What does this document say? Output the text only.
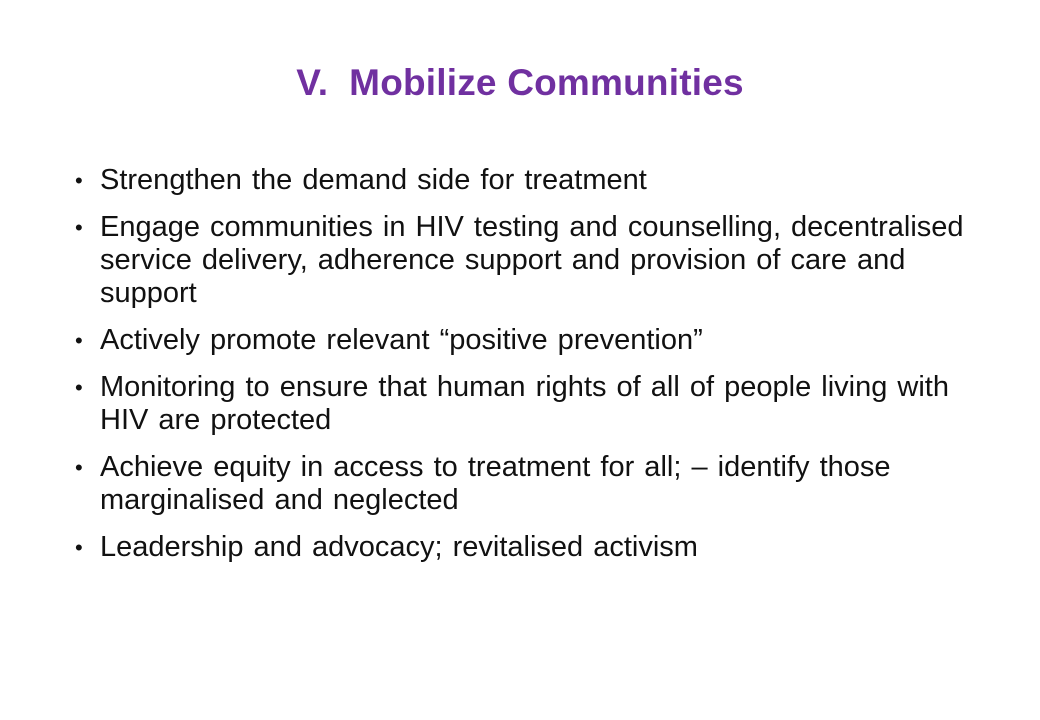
V.  Mobilize Communities
• Strengthen the demand side for treatment
• Engage communities in HIV testing and counselling, decentralised service delivery, adherence support and provision of care and support
• Actively promote relevant “positive prevention”
• Monitoring to ensure that human rights of all of people living with HIV are protected
• Achieve equity in access to treatment for all; – identify those marginalised and neglected
• Leadership and advocacy; revitalised activism
